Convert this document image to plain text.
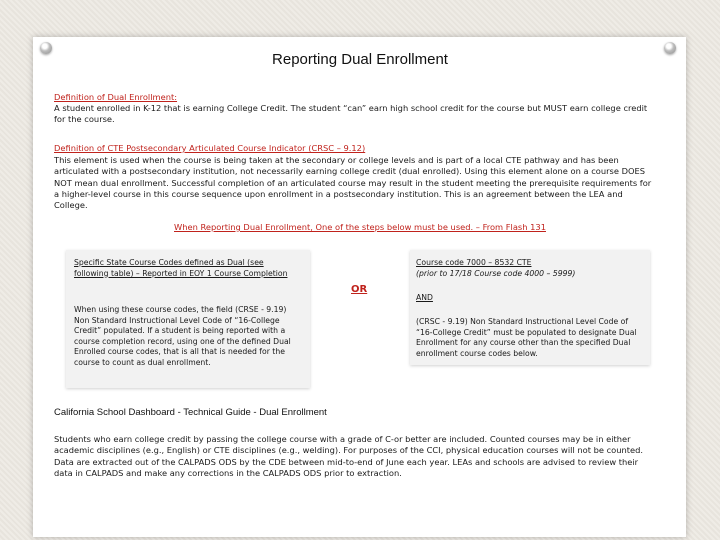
Reporting Dual Enrollment
Definition of Dual Enrollment:
A student enrolled in K-12 that is earning College Credit. The student “can” earn high school credit for the course but MUST earn college credit for the course.
Definition of CTE Postsecondary Articulated Course Indicator (CRSC – 9.12)
This element is used when the course is being taken at the secondary or college levels and is part of a local CTE pathway and has been articulated with a postsecondary institution, not necessarily earning college credit (dual enrolled). Using this element alone on a course DOES NOT mean dual enrollment. Successful completion of an articulated course may result in the student meeting the prerequisite requirements for a higher-level course in this course sequence upon enrollment in a postsecondary institution. This is an agreement between the LEA and College.
When Reporting Dual Enrollment, One of the steps below must be used. – From Flash 131
Specific State Course Codes defined as Dual (see following table) – Reported in EOY 1 Course Completion
When using these course codes, the field (CRSE - 9.19) Non Standard Instructional Level Code of “16-College Credit” populated. If a student is being reported with a course completion record, using one of the defined Dual Enrolled course codes, that is all that is needed for the course to count as dual enrollment.
OR
Course code 7000 – 8532 CTE
(prior to 17/18 Course code 4000 – 5999)
AND
(CRSC - 9.19) Non Standard Instructional Level Code of “16-College Credit” must be populated to designate Dual Enrollment for any course other than the specified Dual enrollment course codes below.
California School Dashboard - Technical Guide - Dual Enrollment
Students who earn college credit by passing the college course with a grade of C-or better are included. Counted courses may be in either academic disciplines (e.g., English) or CTE disciplines (e.g., welding). For purposes of the CCI, physical education courses will not be counted. Data are extracted out of the CALPADS ODS by the CDE between mid-to-end of June each year. LEAs and schools are advised to review their data in CALPADS and make any corrections in the CALPADS ODS prior to extraction.
